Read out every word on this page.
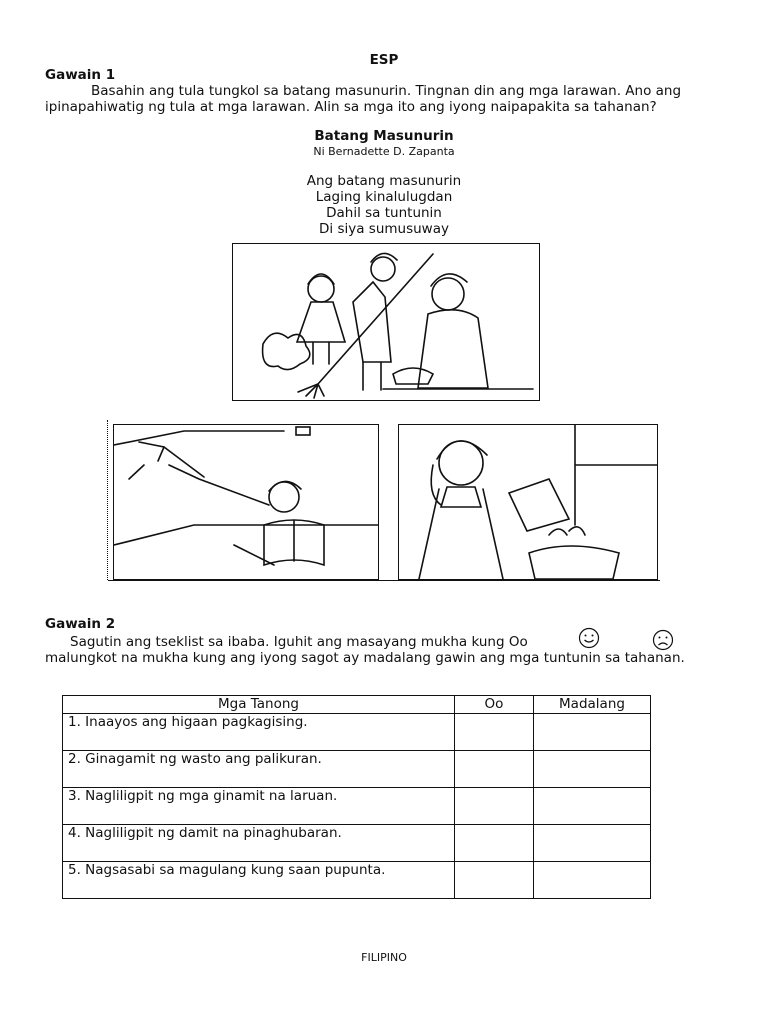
ESP
Gawain 1
Basahin ang tula tungkol sa batang masunurin. Tingnan din ang mga larawan. Ano ang ipinapahiwatig ng tula at mga larawan. Alin sa mga ito ang iyong naipapakita sa tahanan?
Batang Masunurin
Ni Bernadette D. Zapanta
Ang batang masunurin
Laging kinalulugdan
Dahil sa tuntunin
Di siya sumusuway
Gawain 2
Sagutin ang tseklist sa ibaba. Iguhit ang masayang mukha kung Oo
malungkot na mukha kung ang iyong sagot ay madalang gawin ang mga tuntunin sa tahanan.
Mga Tanong	Oo	Madalang
1. Inaayos ang higaan pagkagising.		
2. Ginagamit ng wasto ang palikuran.		
3. Nagliligpit ng mga ginamit na laruan.		
4. Nagliligpit ng damit na pinaghubaran.		
5. Nagsasabi sa magulang kung saan pupunta.		
FILIPINO
